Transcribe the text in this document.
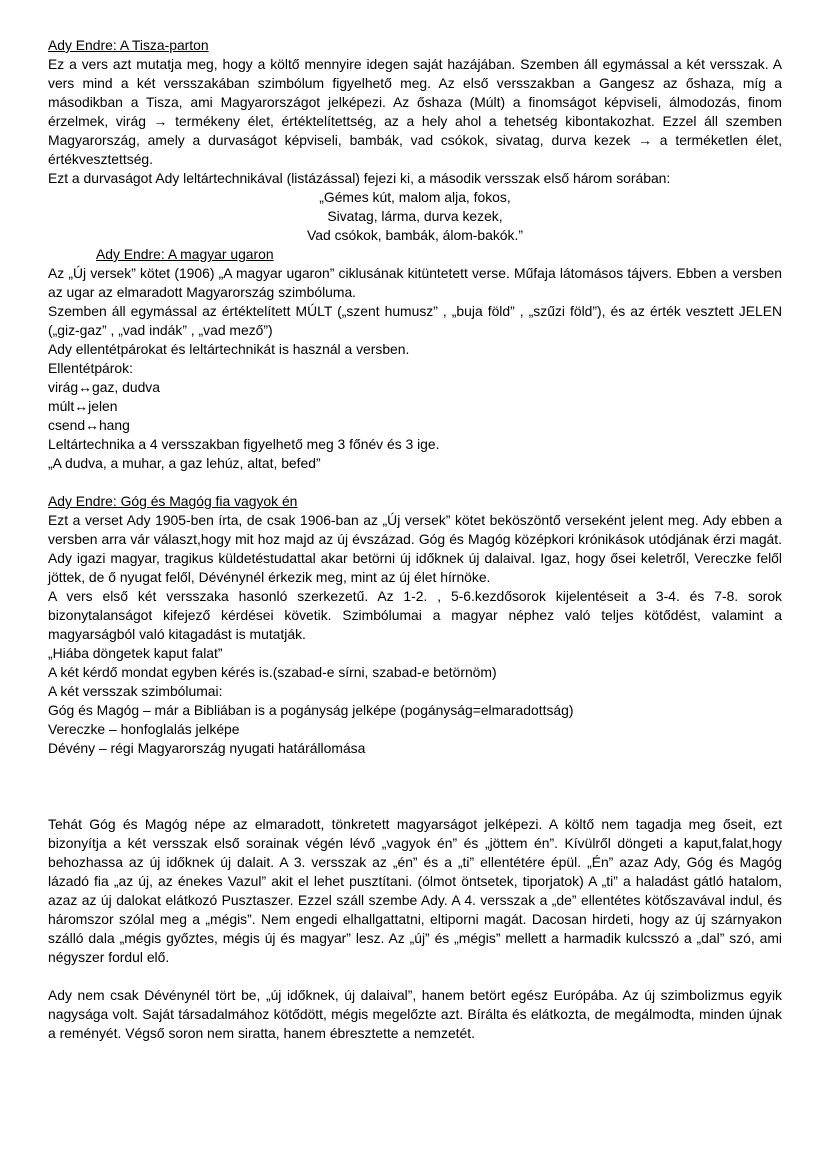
Ady Endre: A Tisza-parton

Ez a vers azt mutatja meg, hogy a költő mennyire idegen saját hazájában. Szemben áll egymással a két versszak. A vers mind a két versszakában szimbólum figyelhető meg. Az első versszakban a Gangesz az őshaza, míg a másodikban a Tisza, ami Magyarországot jelképezi. Az őshaza (Múlt) a finomságot képviseli, álmodozás, finom érzelmek, virág → termékeny élet, értéktelítettség, az a hely ahol a tehetség kibontakozhat. Ezzel áll szemben Magyarország, amely a durvaságot képviseli, bambák, vad csókok, sivatag, durva kezek → a terméketlen élet, értékvesztettség.

Ezt a durvaságot Ady leltártechnikával (listázással) fejezi ki, a második versszak első három sorában:

„Gémes kút, malom alja, fokos,
Sivatag, lárma, durva kezek,
Vad csókok, bambák, álom-bakók.”
Ady Endre: A magyar ugaron

Az „Új versek” kötet (1906) „A magyar ugaron” ciklusának kitüntetett verse. Műfaja látomásos tájvers. Ebben a versben az ugar az elmaradott Magyarország szimbóluma.

Szemben áll egymással az értéktelített MÚLT („szent humusz” , „buja föld” , „szűzi föld”), és az érték vesztett JELEN („giz-gaz” , „vad indák” , „vad mező”)

Ady ellentétpárokat és leltártechnikát is használ a versben.
Ellentétpárok:
virág↔gaz, dudva
múlt↔jelen
csend↔hang
Leltártechnika a 4 versszakban figyelhető meg 3 főnév és 3 ige.
„A dudva, a muhar, a gaz lehúz, altat, befed”
Ady Endre: Góg és Magóg fia vagyok én

Ezt a verset Ady 1905-ben írta, de csak 1906-ban az „Új versek” kötet beköszöntő verseként jelent meg. Ady ebben a versben arra vár választ,hogy mit hoz majd az új évszázad. Góg és Magóg középkori krónikások utódjának érzi magát. Ady igazi magyar, tragikus küldetéstudattal akar betörni új időknek új dalaival. Igaz, hogy ősei keletről, Vereczke felől jöttek, de ő nyugat felől, Dévénynél érkezik meg, mint az új élet hírnöke.

A vers első két versszaka hasonló szerkezetű. Az 1-2. , 5-6.kezdősorok kijelentéseit a 3-4. és 7-8. sorok bizonytalanságot kifejező kérdései követik. Szimbólumai a magyar néphez való teljes kötődést, valamint a magyarságból való kitagadást is mutatják.

„Hiába döngetek kaput falat”
A két kérdő mondat egyben kérés is.(szabad-e sírni, szabad-e betörnöm)
A két versszak szimbólumai:
Góg és Magóg – már a Bibliában is a pogányság jelképe (pogányság=elmaradottság)
Vereczke – honfoglalás jelképe
Dévény – régi Magyarország nyugati határállomása

Tehát Góg és Magóg népe az elmaradott, tönkretett magyarságot jelképezi. A költő nem tagadja meg őseit, ezt bizonyítja a két versszak első sorainak végén lévő „vagyok én” és „jöttem én”. Kívülről döngeti a kaput,falat,hogy behozhassa az új időknek új dalait. A 3. versszak az „én” és a „ti” ellentétére épül. „Én” azaz Ady, Góg és Magóg lázadó fia „az új, az énekes Vazul” akit el lehet pusztítani. (ólmot öntsetek, tiporjatok) A „ti” a haladást gátló hatalom, azaz az új dalokat elátkozó Pusztaszer. Ezzel száll szembe Ady. A 4. versszak a „de” ellentétes kötőszavával indul, és háromszor szólal meg a „mégis”. Nem engedi elhallgattatni, eltiporni magát. Dacosan hirdeti, hogy az új szárnyakon szálló dala „mégis győztes, mégis új és magyar” lesz. Az „új” és „mégis” mellett a harmadik kulcsszó a „dal” szó, ami négyszer fordul elő.

Ady nem csak Dévénynél tört be, „új időknek, új dalaival”, hanem betört egész Európába. Az új szimbolizmus egyik nagysága volt. Saját társadalmához kötődött, mégis megelőzte azt. Bírálta és elátkozta, de megálmodta, minden újnak a reményét. Végső soron nem siratta, hanem ébresztette a nemzetét.
